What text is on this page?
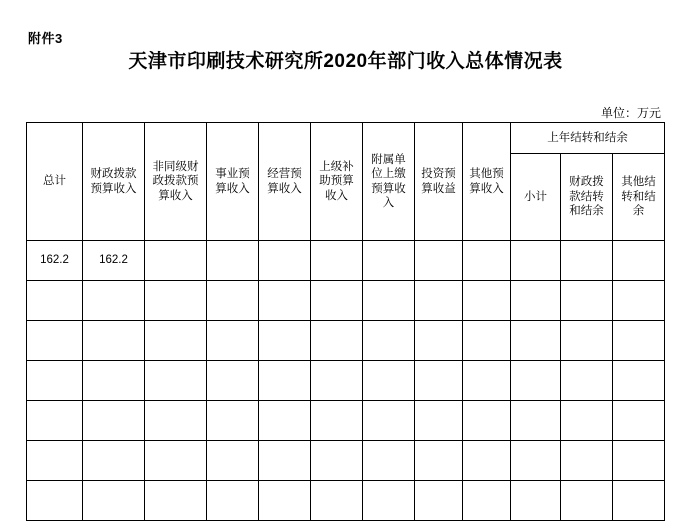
附件3
天津市印刷技术研究所2020年部门收入总体情况表
单位：万元
总计	财政拨款预算收入	非同级财政拨款预算收入	事业预算收入	经营预算收入	上级补助预算收入	附属单位上缴预算收入	投资预算收益	其他预算收入	上年结转和结余		
									小计	财政拨款结转和结余	其他结转和结余
162.2	162.2										
